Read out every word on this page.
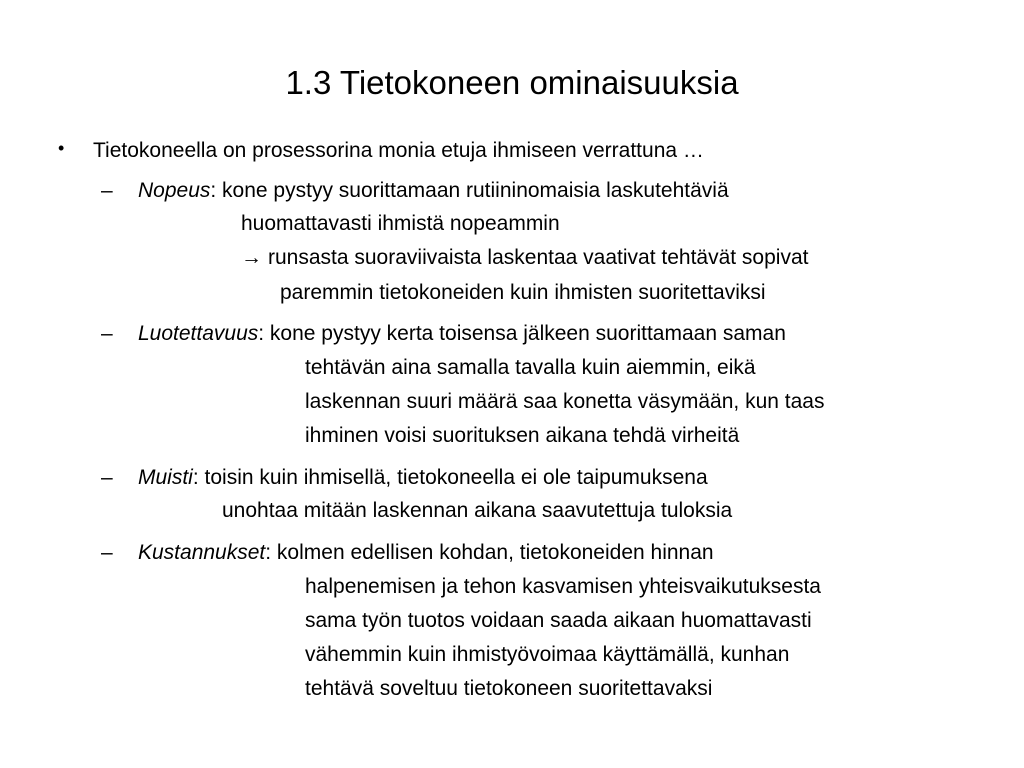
1.3 Tietokoneen ominaisuuksia
• Tietokoneella on prosessorina monia etuja ihmiseen verrattuna …
– Nopeus: kone pystyy suorittamaan rutiininomaisia laskutehtäviä
huomattavasti ihmistä nopeammin
→ runsasta suoraviivaista laskentaa vaativat tehtävät sopivat
paremmin tietokoneiden kuin ihmisten suoritettaviksi
– Luotettavuus: kone pystyy kerta toisensa jälkeen suorittamaan saman
tehtävän aina samalla tavalla kuin aiemmin, eikä
laskennan suuri määrä saa konetta väsymään, kun taas
ihminen voisi suorituksen aikana tehdä virheitä
– Muisti: toisin kuin ihmisellä, tietokoneella ei ole taipumuksena
unohtaa mitään laskennan aikana saavutettuja tuloksia
– Kustannukset: kolmen edellisen kohdan, tietokoneiden hinnan
halpenemisen ja tehon kasvamisen yhteisvaikutuksesta
sama työn tuotos voidaan saada aikaan huomattavasti
vähemmin kuin ihmistyövoimaa käyttämällä, kunhan
tehtävä soveltuu tietokoneen suoritettavaksi
